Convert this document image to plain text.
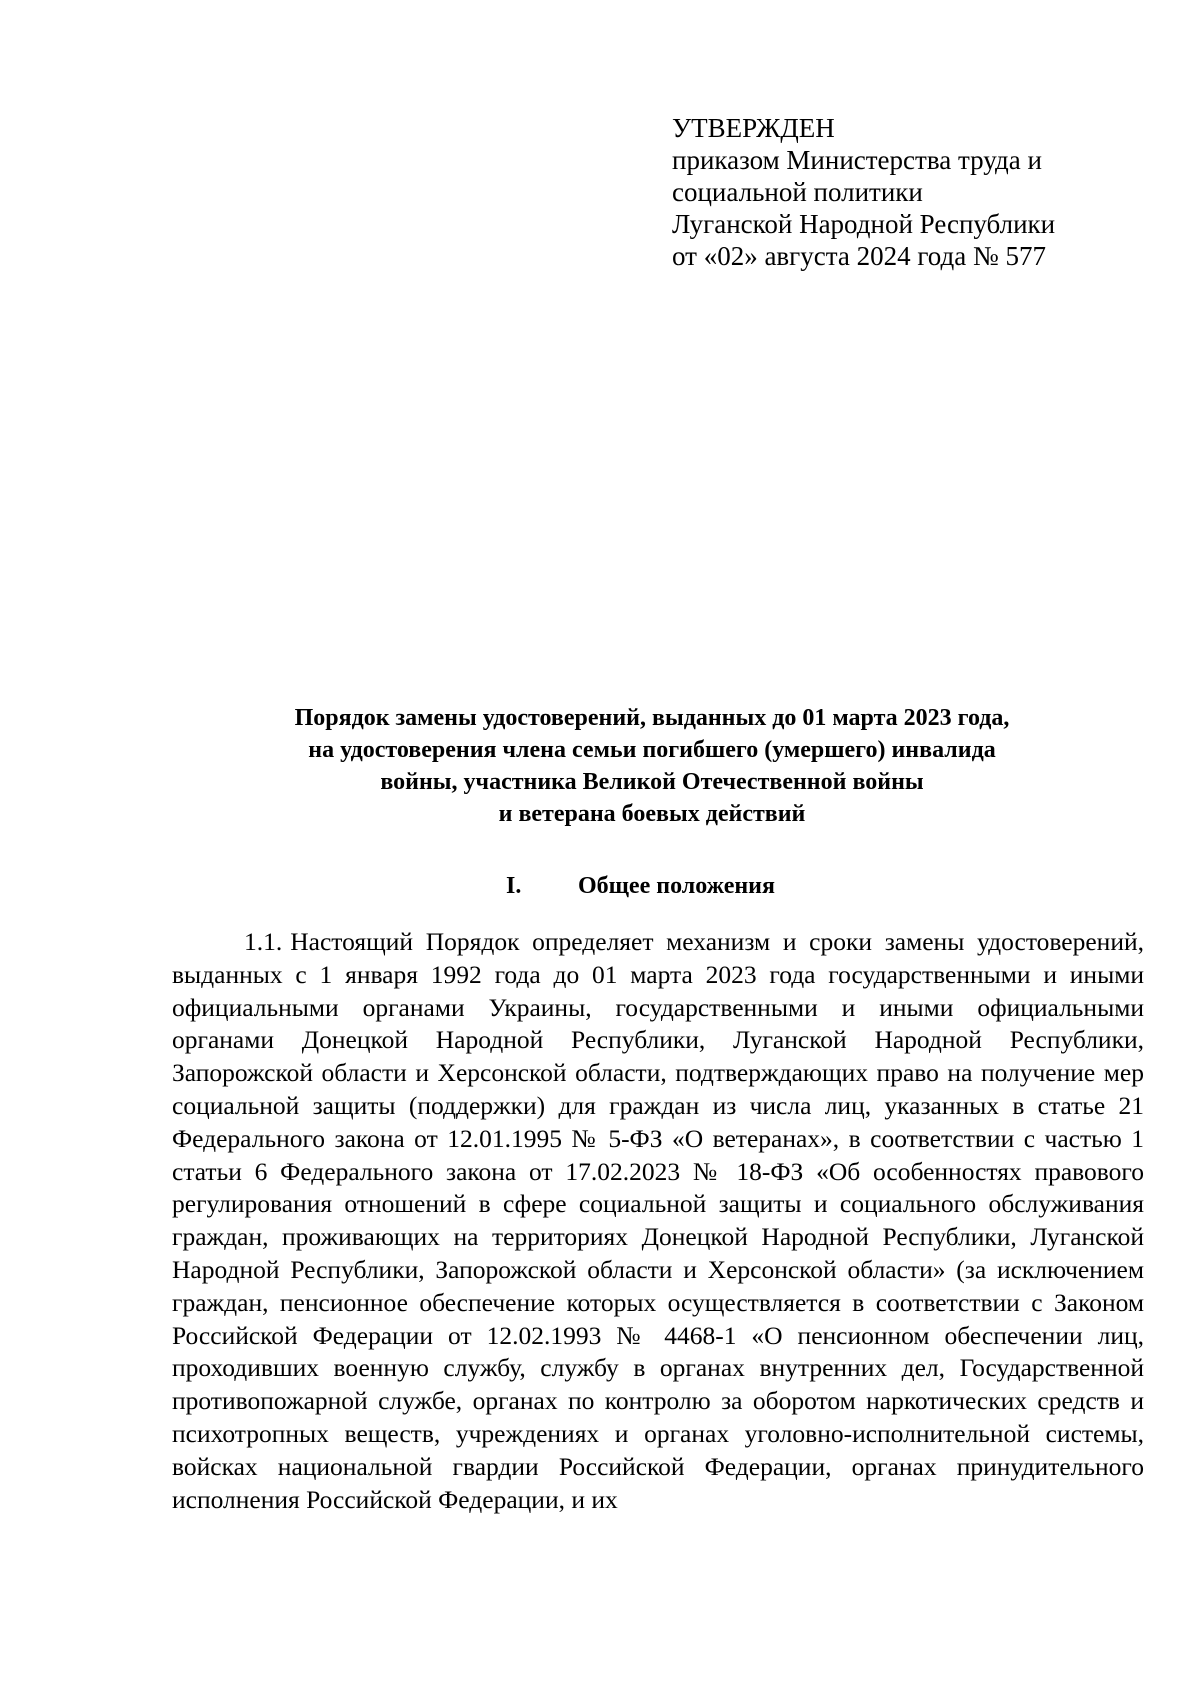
УТВЕРЖДЕН
приказом Министерства труда и
социальной политики
Луганской Народной Республики
от «02» августа 2024 года № 577
Порядок замены удостоверений, выданных до 01 марта 2023 года,
на удостоверения члена семьи погибшего (умершего) инвалида
войны, участника Великой Отечественной войны
и ветерана боевых действий
I. Общее положения
1.1. Настоящий Порядок определяет механизм и сроки замены удостоверений, выданных с 1 января 1992 года до 01 марта 2023 года государственными и иными официальными органами Украины, государственными и иными официальными органами Донецкой Народной Республики, Луганской Народной Республики, Запорожской области и Херсонской области, подтверждающих право на получение мер социальной защиты (поддержки) для граждан из числа лиц, указанных в статье 21 Федерального закона от 12.01.1995 № 5-ФЗ «О ветеранах», в соответствии с частью 1 статьи 6 Федерального закона от 17.02.2023 № 18-ФЗ «Об особенностях правового регулирования отношений в сфере социальной защиты и социального обслуживания граждан, проживающих на территориях Донецкой Народной Республики, Луганской Народной Республики, Запорожской области и Херсонской области» (за исключением граждан, пенсионное обеспечение которых осуществляется в соответствии с Законом Российской Федерации от 12.02.1993 № 4468-1 «О пенсионном обеспечении лиц, проходивших военную службу, службу в органах внутренних дел, Государственной противопожарной службе, органах по контролю за оборотом наркотических средств и психотропных веществ, учреждениях и органах уголовно-исполнительной системы, войсках национальной гвардии Российской Федерации, органах принудительного исполнения Российской Федерации, и их
